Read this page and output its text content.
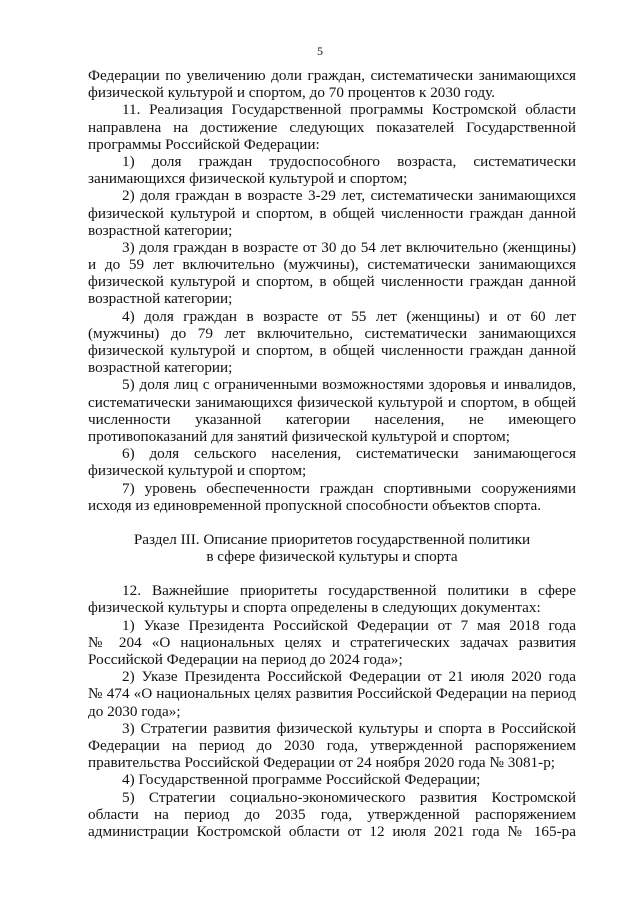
5
Федерации по увеличению доли граждан, систематически занимающихся
физической культурой и спортом, до 70 процентов к 2030 году.
11. Реализация Государственной программы Костромской области
направлена на достижение следующих показателей Государственной
программы Российской Федерации:
1) доля граждан трудоспособного возраста, систематически
занимающихся физической культурой и спортом;
2) доля граждан в возрасте 3-29 лет, систематически занимающихся
физической культурой и спортом, в общей численности граждан данной
возрастной категории;
3) доля граждан в возрасте от 30 до 54 лет включительно (женщины)
и до 59 лет включительно (мужчины), систематически занимающихся
физической культурой и спортом, в общей численности граждан данной
возрастной категории;
4) доля граждан в возрасте от 55 лет (женщины) и от 60 лет
(мужчины) до 79 лет включительно, систематически занимающихся
физической культурой и спортом, в общей численности граждан данной
возрастной категории;
5) доля лиц с ограниченными возможностями здоровья и инвалидов,
систематически занимающихся физической культурой и спортом, в общей
численности указанной категории населения, не имеющего
противопоказаний для занятий физической культурой и спортом;
6) доля сельского населения, систематически занимающегося
физической культурой и спортом;
7) уровень обеспеченности граждан спортивными сооружениями
исходя из единовременной пропускной способности объектов спорта.
Раздел III. Описание приоритетов государственной политики
в сфере физической культуры и спорта
12. Важнейшие приоритеты государственной политики в сфере
физической культуры и спорта определены в следующих документах:
1) Указе Президента Российской Федерации от 7 мая 2018 года
№ 204 «О национальных целях и стратегических задачах развития
Российской Федерации на период до 2024 года»;
2) Указе Президента Российской Федерации от 21 июля 2020 года
№ 474 «О национальных целях развития Российской Федерации на период
до 2030 года»;
3) Стратегии развития физической культуры и спорта в Российской
Федерации на период до 2030 года, утвержденной распоряжением
правительства Российской Федерации от 24 ноября 2020 года № 3081-р;
4) Государственной программе Российской Федерации;
5) Стратегии социально-экономического развития Костромской
области на период до 2035 года, утвержденной распоряжением
администрации Костромской области от 12 июля 2021 года № 165-ра
